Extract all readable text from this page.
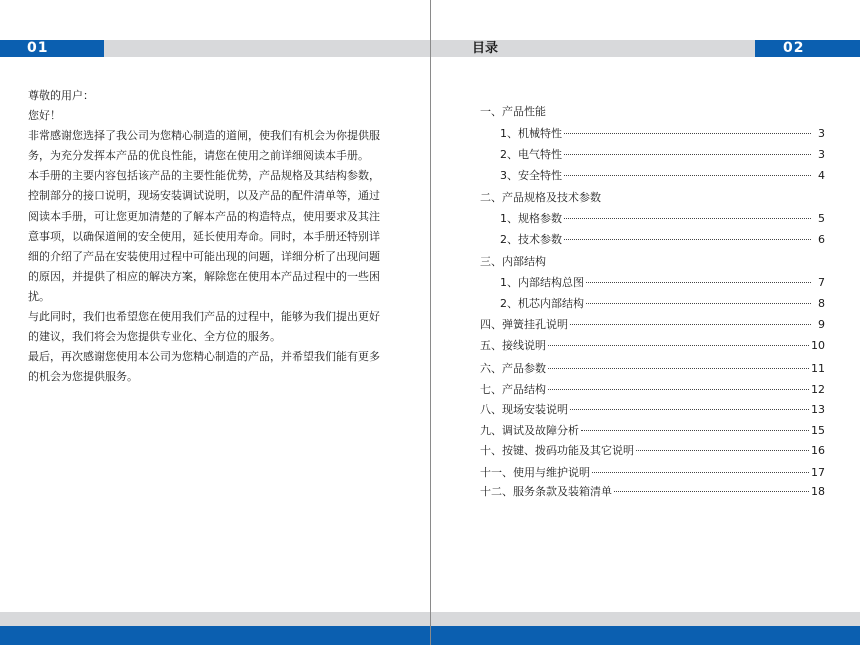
01	目录	02
尊敬的用户：
您好！
非常感谢您选择了我公司为您精心制造的道闸，使我们有机会为你提供服
务，为充分发挥本产品的优良性能，请您在使用之前详细阅读本手册。
本手册的主要内容包括该产品的主要性能优势，产品规格及其结构参数，
控制部分的接口说明，现场安装调试说明，以及产品的配件清单等，通过
阅读本手册，可让您更加清楚的了解本产品的构造特点，使用要求及其注
意事项，以确保道闸的安全使用，延长使用寿命。同时，本手册还特别详
细的介绍了产品在安装使用过程中可能出现的问题，详细分析了出现问题
的原因，并提供了相应的解决方案，解除您在使用本产品过程中的一些困
扰。
与此同时，我们也希望您在使用我们产品的过程中，能够为我们提出更好
的建议，我们将会为您提供专业化、全方位的服务。
最后，再次感谢您使用本公司为您精心制造的产品，并希望我们能有更多
的机会为您提供服务。
一、产品性能
1、机械特性	3
2、电气特性	3
3、安全特性	4
二、产品规格及技术参数
1、规格参数	5
2、技术参数	6
三、内部结构
1、内部结构总图	7
2、机芯内部结构	8
四、弹簧挂孔说明	9
五、接线说明	10
六、产品参数	11
七、产品结构	12
八、现场安装说明	13
九、调试及故障分析	15
十、按键、拨码功能及其它说明	16
十一、使用与维护说明	17
十二、服务条款及装箱清单	18
